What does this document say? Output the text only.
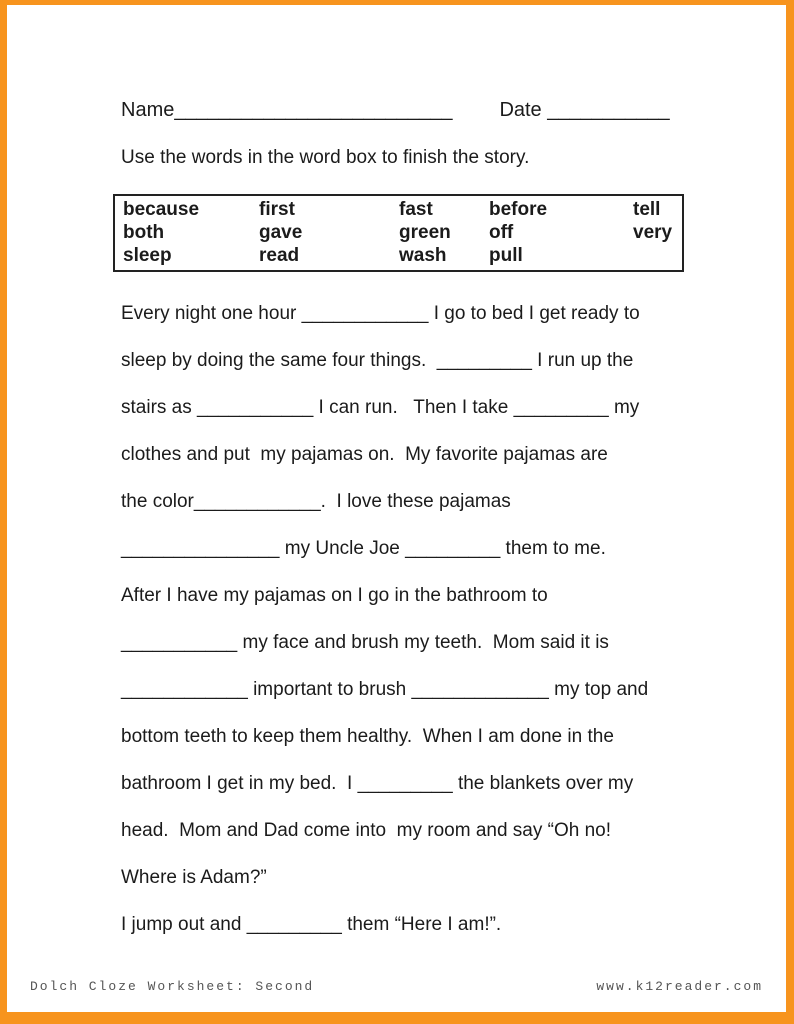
Name _________________________ Date ___________
Use the words in the word box to finish the story.
because
both
sleep
first
gave
read
fast
green
wash
before
off
pull
tell
very
Every night one hour ____________ I go to bed I get ready to
sleep by doing the same four things.  _________ I run up the
stairs as ___________ I can run.   Then I take _________ my
clothes and put  my pajamas on.  My favorite pajamas are
the color____________.  I love these pajamas
_______________ my Uncle Joe _________ them to me.
After I have my pajamas on I go in the bathroom to
___________ my face and brush my teeth.  Mom said it is
____________ important to brush _____________ my top and
bottom teeth to keep them healthy.  When I am done in the
bathroom I get in my bed.  I _________ the blankets over my
head.  Mom and Dad come into  my room and say “Oh no!
Where is Adam?”
I jump out and _________ them “Here I am!”.
Dolch Cloze Worksheet: Second	www.k12reader.com
